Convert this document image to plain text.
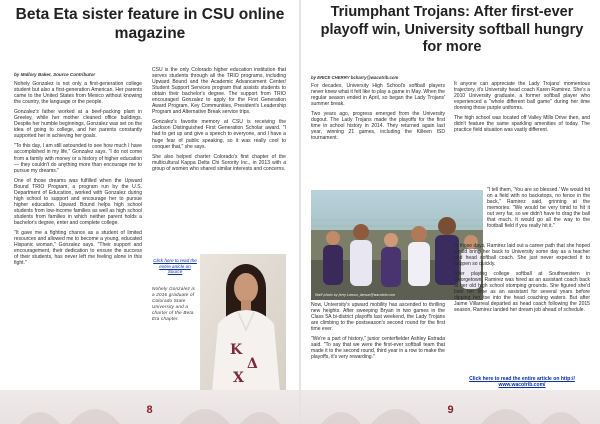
Beta Eta sister feature in CSU online magazine
by Mallory Baker, Source Contributor

Nohely Gonzalez is not only a first-generation college student but also a first-generation American. Her parents came to the United States from Mexico without knowing the country, the language or the people.

Gonzalez's father worked at a beef-packing plant in Greeley, while her mother cleaned office buildings. Despite her humble beginnings, Gonzalez was set on the idea of going to college, and her parents constantly supported her in achieving her goals.

"To this day, I am still astounded to see how much I have accomplished in my life," Gonzalez says. "I do not come from a family with money or a history of higher education — they couldn't do anything more than encourage me to pursue my dreams."

One of those dreams was fulfilled when the Upward Bound TRIO Program, a program run by the U.S. Department of Education, worked with Gonzalez during high school to support and encourage her to pursue higher education. Upward Bound helps high school students from low-income families as well as high school students from families in which neither parent holds a bachelor's degree, enter and complete college.

"It gave me a fighting chance as a student of limited resources and allowed me to become a young, educated Hispanic woman," Gonzalez says. "Their support and encouragement, their dedication to ensure the success of their students, has never left me feeling alone in this fight."

CSU is the only Colorado higher education institution that serves students through all the TRIO programs, including Upward Bound and the Academic Advancement Center/ Student Support Services program that assists students to obtain their bachelor's degree. The support from TRIO encouraged Gonzalez to apply for the First Generation Award Program, Key Communities, President's Leadership Program and Alternative Break service trips.

Gonzalez's favorite memory at CSU is receiving the Jackson Distinguished First Generation Scholar award. "I had to get up and give a speech to everyone, and I have a huge fear of public speaking, so it was really cool to conquer that," she says.

She also helped charter Colorado's first chapter of the multicultural Kappa Delta Chi Sorority Inc., in 2013 with a group of women who shared similar interests and concerns.

Click here to read the entire article on Source
Nohely Gonzalez is a 2016 graduate of Colorado State University and a charter of the Beta Eta chapter.
K
Δ
X
8
Triumphant Trojans: After first-ever playoff win, University softball hungry for more
by ERICE CHERRY bcharry@wacotrib.com

For decades, University High School's softball players never knew what it felt like to play a game in May. When the regular season ended in April, so began the Lady Trojans' summer break.

Two years ago, progress emerged from the University dugout. The Lady Trojans made the playoffs for the first time in school history in 2014. They returned again last year, winning 21 games, including the Killeen ISD tournament.

Staff photo by Jerry Larson, jlarson@wacotrib.com

Now, University's upward mobility has ascended to thrilling new heights. After sweeping Bryan in two games in the Class 5A bi-district playoffs last weekend, the Lady Trojans are climbing to the postseason's second round for the first time ever.

"We're a part of history," junior centerfielder Ashley Estrada said. "To say that we were the first-ever softball team that made it to the second round, third year in a row to make the playoffs, it's very rewarding."

It anyone can appreciate the Lady Trojans' momentous trajectory, it's University head coach Karen Ramirez. She's a 2010 University graduate, a former softball player who experienced a "whole different ball game" during her time donning those purple uniforms.

The high school was located off Valley Mills Drive then, and didn't feature the same sparkling amenities of today. The practice field situation was vastly different.

"I tell them, 'You are so blessed.' We would hit on a field with no backstops, no fence in the back," Ramirez said, grinning at the memories. "We would be very timid to hit it out very far, so we didn't have to drag the ball that much. It would go all the way to the football field if you really hit it."

In those days, Ramirez laid out a career path that she hoped would bring her back to University some day as a teacher and head softball coach. She just never expected it to happen so quickly.

After playing college softball at Southwestern in Georgetown, Ramirez was hired as an assistant coach back at her old high school stomping grounds. She figured she'd bide her time as an assistant for several years before dipping her toe into the head coaching waters. But after Jaime Villarreal departed as head coach following the 2015 season, Ramirez landed her dream job ahead of schedule.

Click here to read the entire article on http://
www.wacotrib.com/
9
